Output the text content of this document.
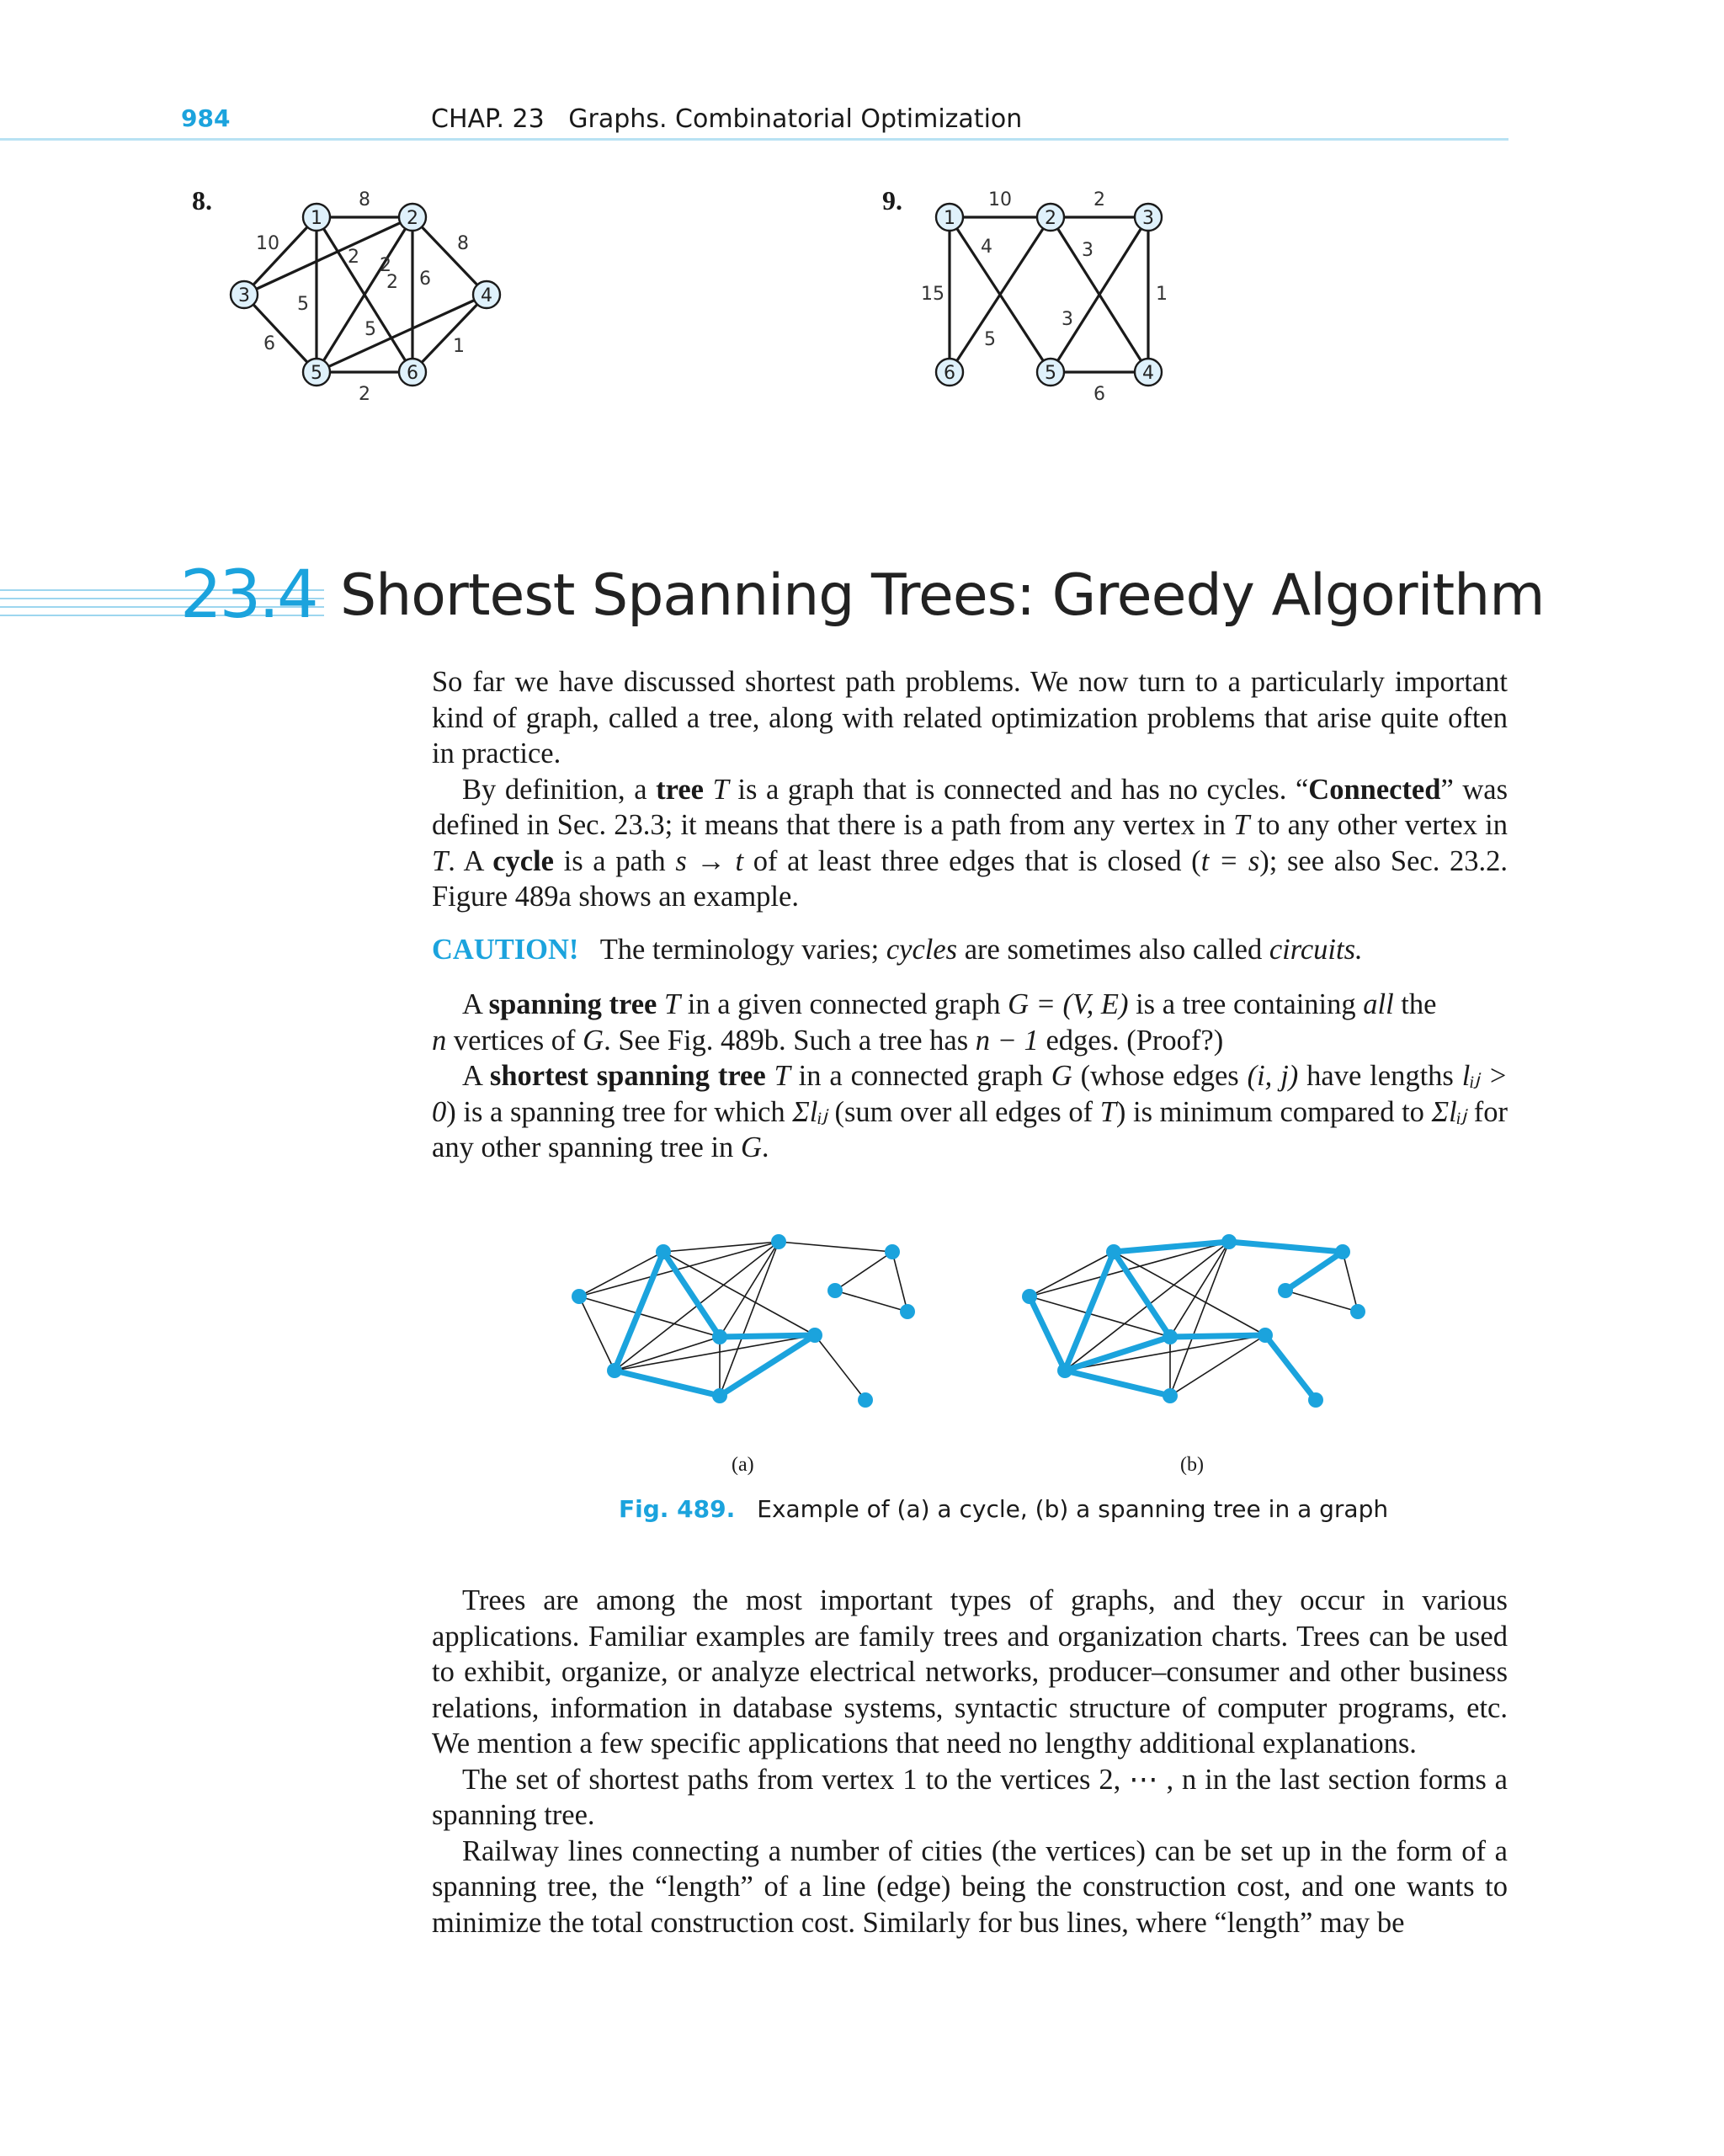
984	CHAP. 23   Graphs. Combinatorial Optimization
8.	8
10
5
2
2
8
2
6
6
5
1
2
1	2
3	4
5	6
9.	10	2
15	1
6
4
5
3
3
1	2	3
4
5
6
23.4 Shortest Spanning Trees: Greedy Algorithm

So far we have discussed shortest path problems. We now turn to a particularly important kind of graph, called a tree, along with related optimization problems that arise quite often in practice.

By definition, a tree T is a graph that is connected and has no cycles. “Connected” was defined in Sec. 23.3; it means that there is a path from any vertex in T to any other vertex in T. A cycle is a path s → t of at least three edges that is closed (t = s); see also Sec. 23.2. Figure 489a shows an example.

CAUTION! The terminology varies; cycles are sometimes also called circuits.

A spanning tree T in a given connected graph G = (V, E) is a tree containing all the
n vertices of G. See Fig. 489b. Such a tree has n − 1 edges. (Proof?)

A shortest spanning tree T in a connected graph G (whose edges (i, j) have lengths lᵢⱼ > 0) is a spanning tree for which Σlᵢⱼ (sum over all edges of T) is minimum compared to Σlᵢⱼ for any other spanning tree in G.

(a)	(b)
Fig. 489. Example of (a) a cycle, (b) a spanning tree in a graph

Trees are among the most important types of graphs, and they occur in various applications. Familiar examples are family trees and organization charts. Trees can be used to exhibit, organize, or analyze electrical networks, producer–consumer and other business relations, information in database systems, syntactic structure of computer programs, etc. We mention a few specific applications that need no lengthy additional explanations.

The set of shortest paths from vertex 1 to the vertices 2, ⋯ , n in the last section forms a spanning tree.

Railway lines connecting a number of cities (the vertices) can be set up in the form of a spanning tree, the “length” of a line (edge) being the construction cost, and one wants to minimize the total construction cost. Similarly for bus lines, where “length” may be
